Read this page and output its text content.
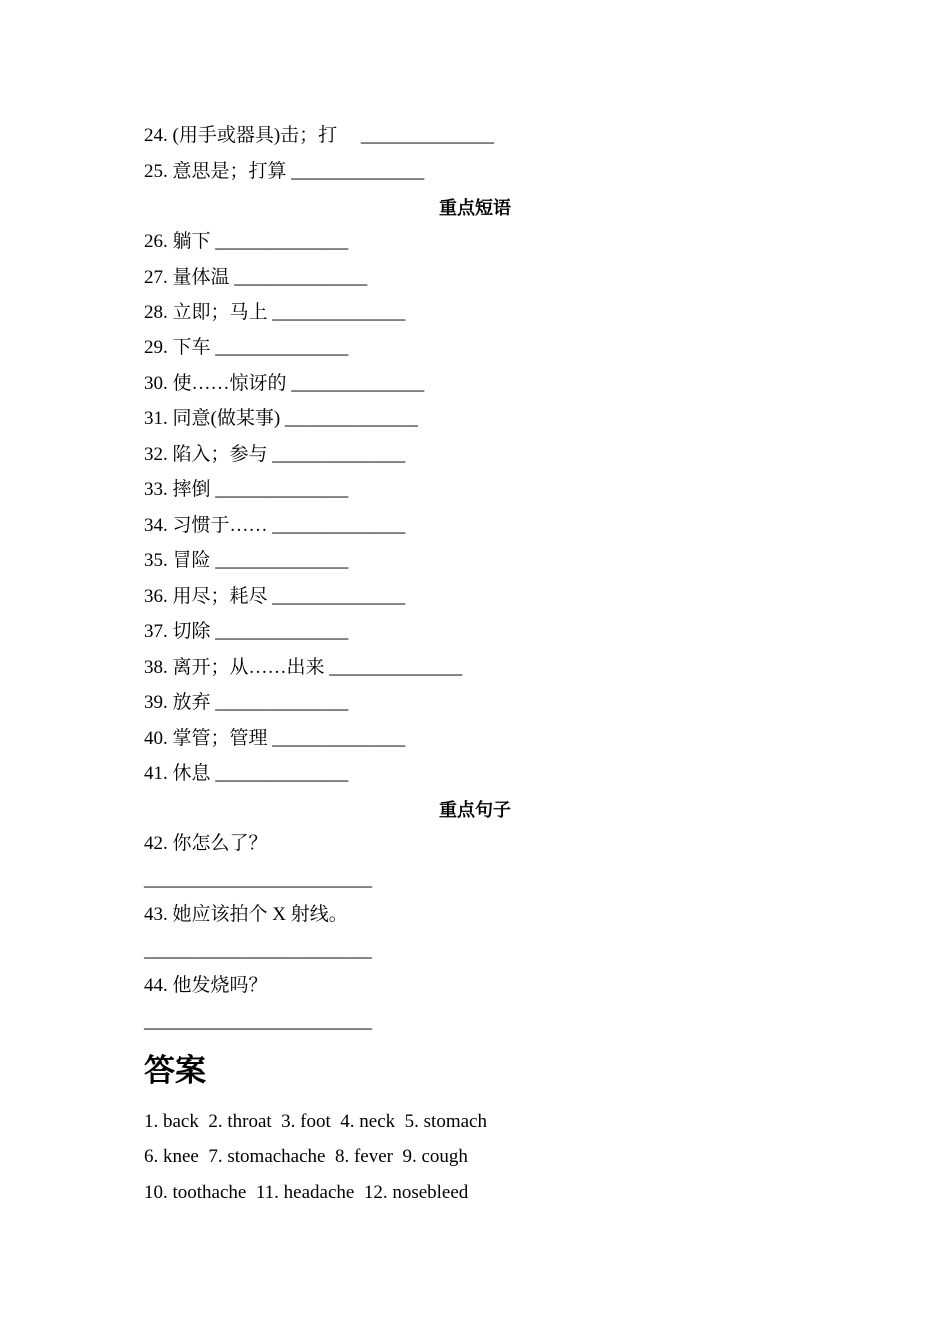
24. (用手或器具)击；打     ______________
25. 意思是；打算 ______________
重点短语
26. 躺下 ______________
27. 量体温 ______________
28. 立即；马上 ______________
29. 下车 ______________
30. 使……惊讶的 ______________
31. 同意(做某事) ______________
32. 陷入；参与 ______________
33. 摔倒 ______________
34. 习惯于…… ______________
35. 冒险 ______________
36. 用尽；耗尽 ______________
37. 切除 ______________
38. 离开；从……出来 ______________
39. 放弃 ______________
40. 掌管；管理 ______________
41. 休息 ______________
重点句子
42. 你怎么了？
________________________
43. 她应该拍个 X 射线。
________________________
44. 他发烧吗？
________________________
答案
1. back  2. throat  3. foot  4. neck  5. stomach
6. knee  7. stomachache  8. fever  9. cough
10. toothache  11. headache  12. nosebleed
